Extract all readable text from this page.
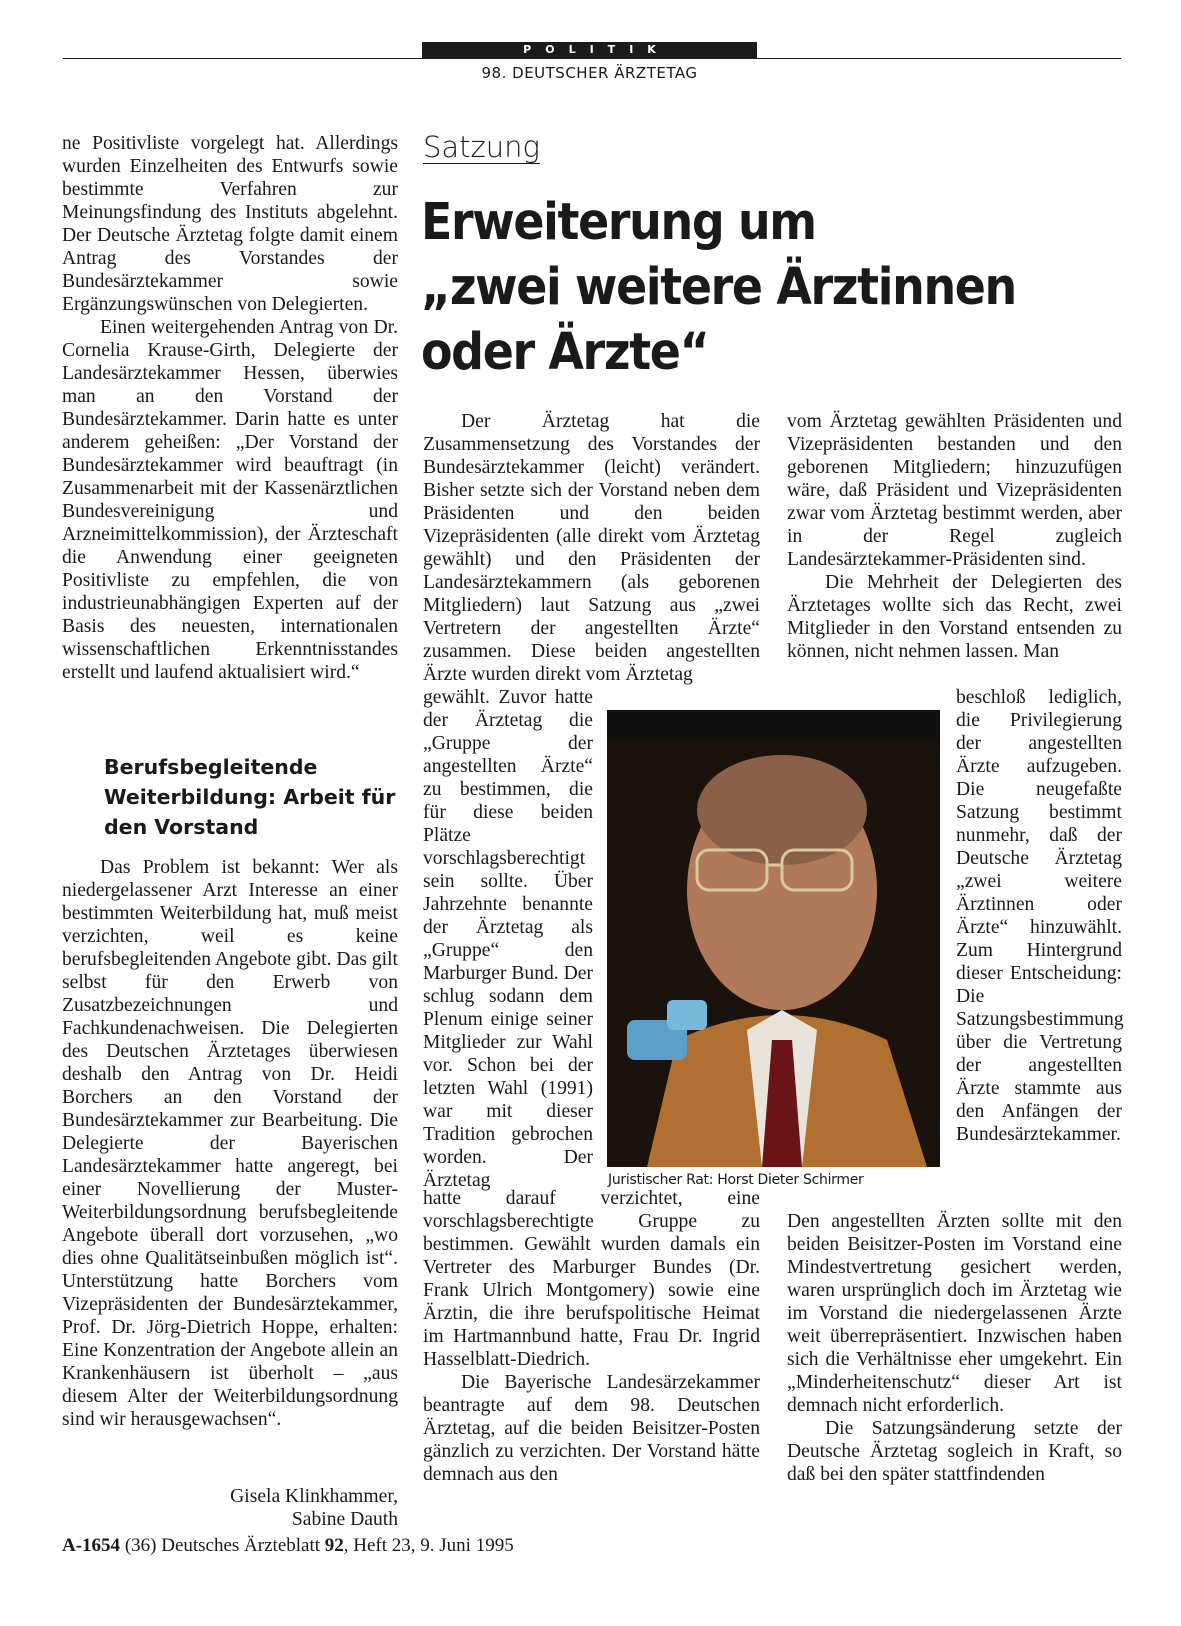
POLITIK
98. DEUTSCHER ÄRZTETAG

ne Positivliste vorgelegt hat. Allerdings wurden Einzelheiten des Entwurfs sowie bestimmte Verfahren zur Meinungsfindung des Instituts abgelehnt. Der Deutsche Ärztetag folgte damit einem Antrag des Vorstandes der Bundesärztekammer sowie Ergänzungswünschen von Delegierten.

Einen weitergehenden Antrag von Dr. Cornelia Krause-Girth, Delegierte der Landesärztekammer Hessen, überwies man an den Vorstand der Bundesärztekammer. Darin hatte es unter anderem geheißen: „Der Vorstand der Bundesärztekammer wird beauftragt (in Zusammenarbeit mit der Kassenärztlichen Bundesvereinigung und Arzneimittelkommission), der Ärzteschaft die Anwendung einer geeigneten Positivliste zu empfehlen, die von industrieunabhängigen Experten auf der Basis des neuesten, internationalen wissenschaftlichen Erkenntnisstandes erstellt und laufend aktualisiert wird.“

Berufsbegleitende Weiterbildung: Arbeit für den Vorstand

Das Problem ist bekannt: Wer als niedergelassener Arzt Interesse an einer bestimmten Weiterbildung hat, muß meist verzichten, weil es keine berufsbegleitenden Angebote gibt. Das gilt selbst für den Erwerb von Zusatzbezeichnungen und Fachkundenachweisen. Die Delegierten des Deutschen Ärztetages überwiesen deshalb den Antrag von Dr. Heidi Borchers an den Vorstand der Bundesärztekammer zur Bearbeitung. Die Delegierte der Bayerischen Landesärztekammer hatte angeregt, bei einer Novellierung der Muster-Weiterbildungsordnung berufsbegleitende Angebote überall dort vorzusehen, „wo dies ohne Qualitätseinbußen möglich ist“. Unterstützung hatte Borchers vom Vizepräsidenten der Bundesärztekammer, Prof. Dr. Jörg-Dietrich Hoppe, erhalten: Eine Konzentration der Angebote allein an Krankenhäusern ist überholt – „aus diesem Alter der Weiterbildungsordnung sind wir herausgewachsen“.

Gisela Klinkhammer,
Sabine Dauth
Satzung
Erweiterung um
„zwei weitere Ärztinnen
oder Ärzte“

Der Ärztetag hat die Zusammensetzung des Vorstandes der Bundesärztekammer (leicht) verändert. Bisher setzte sich der Vorstand neben dem Präsidenten und den beiden Vizepräsidenten (alle direkt vom Ärztetag gewählt) und den Präsidenten der Landesärztekammern (als geborenen Mitgliedern) laut Satzung aus „zwei Vertretern der angestellten Ärzte“ zusammen. Diese beiden angestellten Ärzte wurden direkt vom Ärztetag

gewählt. Zuvor hatte der Ärztetag die „Gruppe der angestellten Ärzte“ zu bestimmen, die für diese beiden Plätze vorschlagsberechtigt sein sollte. Über Jahrzehnte benannte der Ärztetag als „Gruppe“ den Marburger Bund. Der schlug sodann dem Plenum einige seiner Mitglieder zur Wahl vor. Schon bei der letzten Wahl (1991) war mit dieser Tradition gebrochen worden. Der Ärztetag

hatte darauf verzichtet, eine vorschlagsberechtigte Gruppe zu bestimmen. Gewählt wurden damals ein Vertreter des Marburger Bundes (Dr. Frank Ulrich Montgomery) sowie eine Ärztin, die ihre berufspolitische Heimat im Hartmannbund hatte, Frau Dr. Ingrid Hasselblatt-Diedrich.

Die Bayerische Landesärzekammer beantragte auf dem 98. Deutschen Ärztetag, auf die beiden Beisitzer-Posten gänzlich zu verzichten. Der Vorstand hätte demnach aus den

vom Ärztetag gewählten Präsidenten und Vizepräsidenten bestanden und den geborenen Mitgliedern; hinzuzufügen wäre, daß Präsident und Vizepräsidenten zwar vom Ärztetag bestimmt werden, aber in der Regel zugleich Landesärztekammer-Präsidenten sind.

Die Mehrheit der Delegierten des Ärztetages wollte sich das Recht, zwei Mitglieder in den Vorstand entsenden zu können, nicht nehmen lassen. Man

beschloß lediglich, die Privilegierung der angestellten Ärzte aufzugeben. Die neugefaßte Satzung bestimmt nunmehr, daß der Deutsche Ärztetag „zwei weitere Ärztinnen oder Ärzte“ hinzuwählt. Zum Hintergrund dieser Entscheidung: Die Satzungsbestimmung über die Vertretung der angestellten Ärzte stammte aus den Anfängen der Bundesärztekammer.

Den angestellten Ärzten sollte mit den beiden Beisitzer-Posten im Vorstand eine Mindestvertretung gesichert werden, waren ursprünglich doch im Ärztetag wie im Vorstand die niedergelassenen Ärzte weit überrepräsentiert. Inzwischen haben sich die Verhältnisse eher umgekehrt. Ein „Minderheitenschutz“ dieser Art ist demnach nicht erforderlich.

Die Satzungsänderung setzte der Deutsche Ärztetag sogleich in Kraft, so daß bei den später stattfindenden

Juristischer Rat: Horst Dieter Schirmer
A-1654 (36) Deutsches Ärzteblatt 92, Heft 23, 9. Juni 1995
